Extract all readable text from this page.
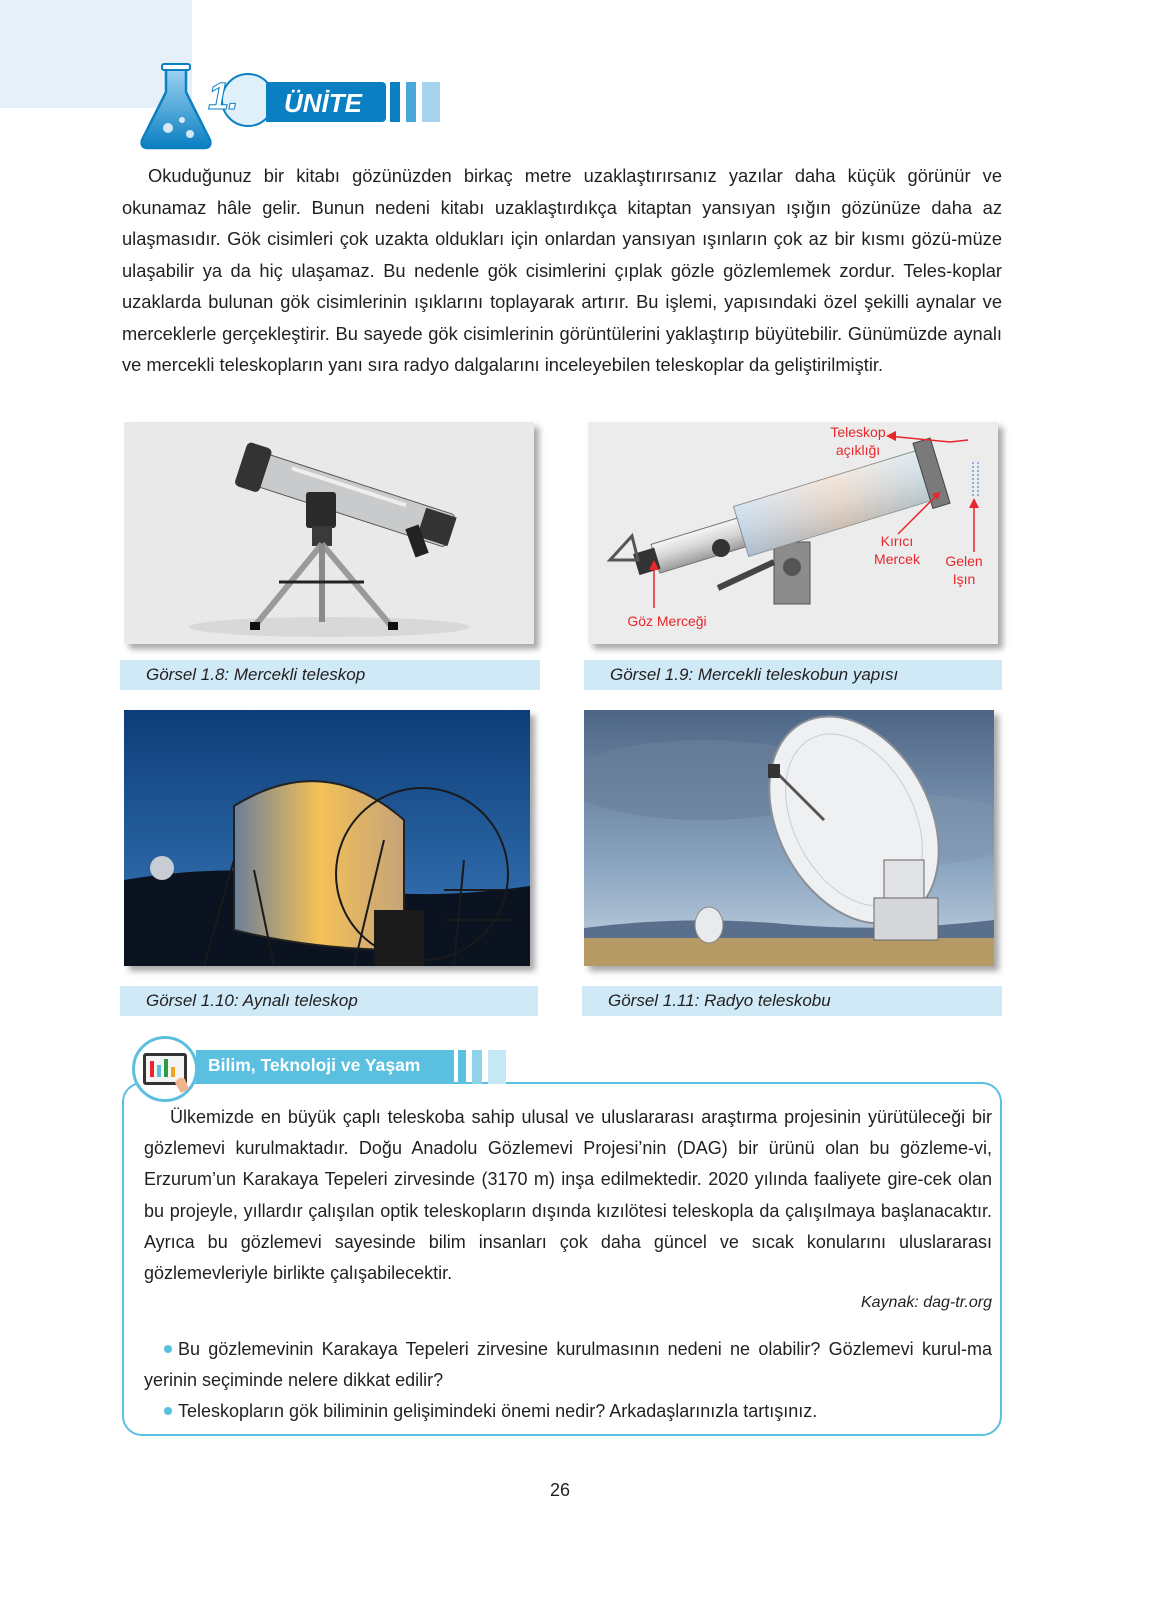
1. ÜNİTE

Okuduğunuz bir kitabı gözünüzden birkaç metre uzaklaştırırsanız yazılar daha küçük görünür ve okunamaz hâle gelir. Bunun nedeni kitabı uzaklaştırdıkça kitaptan yansıyan ışığın gözünüze daha az ulaşmasıdır. Gök cisimleri çok uzakta oldukları için onlardan yansıyan ışınların çok az bir kısmı gözü-müze ulaşabilir ya da hiç ulaşamaz. Bu nedenle gök cisimlerini çıplak gözle gözlemlemek zordur. Teles-koplar uzaklarda bulunan gök cisimlerinin ışıklarını toplayarak artırır. Bu işlemi, yapısındaki özel şekilli aynalar ve merceklerle gerçekleştirir. Bu sayede gök cisimlerinin görüntülerini yaklaştırıp büyütebilir. Günümüzde aynalı ve mercekli teleskopların yanı sıra radyo dalgalarını inceleyebilen teleskoplar da geliştirilmiştir.

Görsel 1.8: Mercekli teleskop
Teleskop
açıklığı
Kırıcı
Mercek	Gelen
Işın
Göz Merceği
Görsel 1.9: Mercekli teleskobun yapısı
Görsel 1.10: Aynalı teleskop	Görsel 1.11: Radyo teleskobu
Bilim, Teknoloji ve Yaşam

Ülkemizde en büyük çaplı teleskoba sahip ulusal ve uluslararası araştırma projesinin yürütüleceği bir gözlemevi kurulmaktadır. Doğu Anadolu Gözlemevi Projesi’nin (DAG) bir ürünü olan bu gözleme-vi, Erzurum’un Karakaya Tepeleri zirvesinde (3170 m) inşa edilmektedir. 2020 yılında faaliyete gire-cek olan bu projeyle, yıllardır çalışılan optik teleskopların dışında kızılötesi teleskopla da çalışılmaya başlanacaktır. Ayrıca bu gözlemevi sayesinde bilim insanları çok daha güncel ve sıcak konularını uluslararası gözlemevleriyle birlikte çalışabilecektir.

Kaynak: dag-tr.org

Bu gözlemevinin Karakaya Tepeleri zirvesine kurulmasının nedeni ne olabilir? Gözlemevi kurul-ma yerinin seçiminde nelere dikkat edilir?

Teleskopların gök biliminin gelişimindeki önemi nedir? Arkadaşlarınızla tartışınız.

26
